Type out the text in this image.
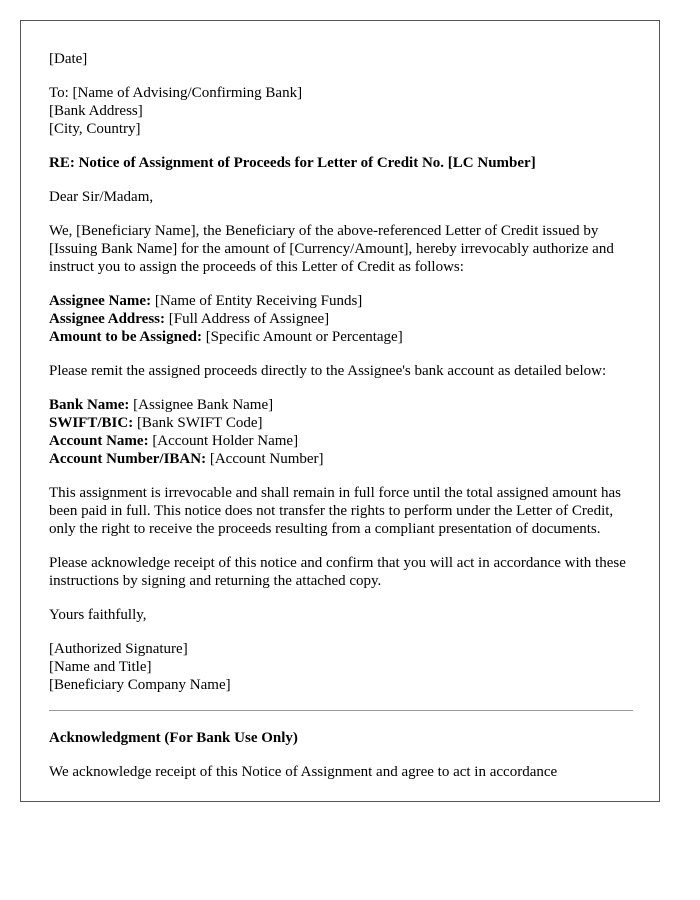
[Date]

To: [Name of Advising/Confirming Bank]
[Bank Address]
[City, Country]

RE: Notice of Assignment of Proceeds for Letter of Credit No. [LC Number]

Dear Sir/Madam,

We, [Beneficiary Name], the Beneficiary of the above-referenced Letter of Credit issued by [Issuing Bank Name] for the amount of [Currency/Amount], hereby irrevocably authorize and instruct you to assign the proceeds of this Letter of Credit as follows:

Assignee Name: [Name of Entity Receiving Funds]
Assignee Address: [Full Address of Assignee]
Amount to be Assigned: [Specific Amount or Percentage]

Please remit the assigned proceeds directly to the Assignee's bank account as detailed below:

Bank Name: [Assignee Bank Name]
SWIFT/BIC: [Bank SWIFT Code]
Account Name: [Account Holder Name]
Account Number/IBAN: [Account Number]

This assignment is irrevocable and shall remain in full force until the total assigned amount has been paid in full. This notice does not transfer the rights to perform under the Letter of Credit, only the right to receive the proceeds resulting from a compliant presentation of documents.

Please acknowledge receipt of this notice and confirm that you will act in accordance with these instructions by signing and returning the attached copy.

Yours faithfully,

[Authorized Signature]
[Name and Title]
[Beneficiary Company Name]

Acknowledgment (For Bank Use Only)

We acknowledge receipt of this Notice of Assignment and agree to act in accordance
